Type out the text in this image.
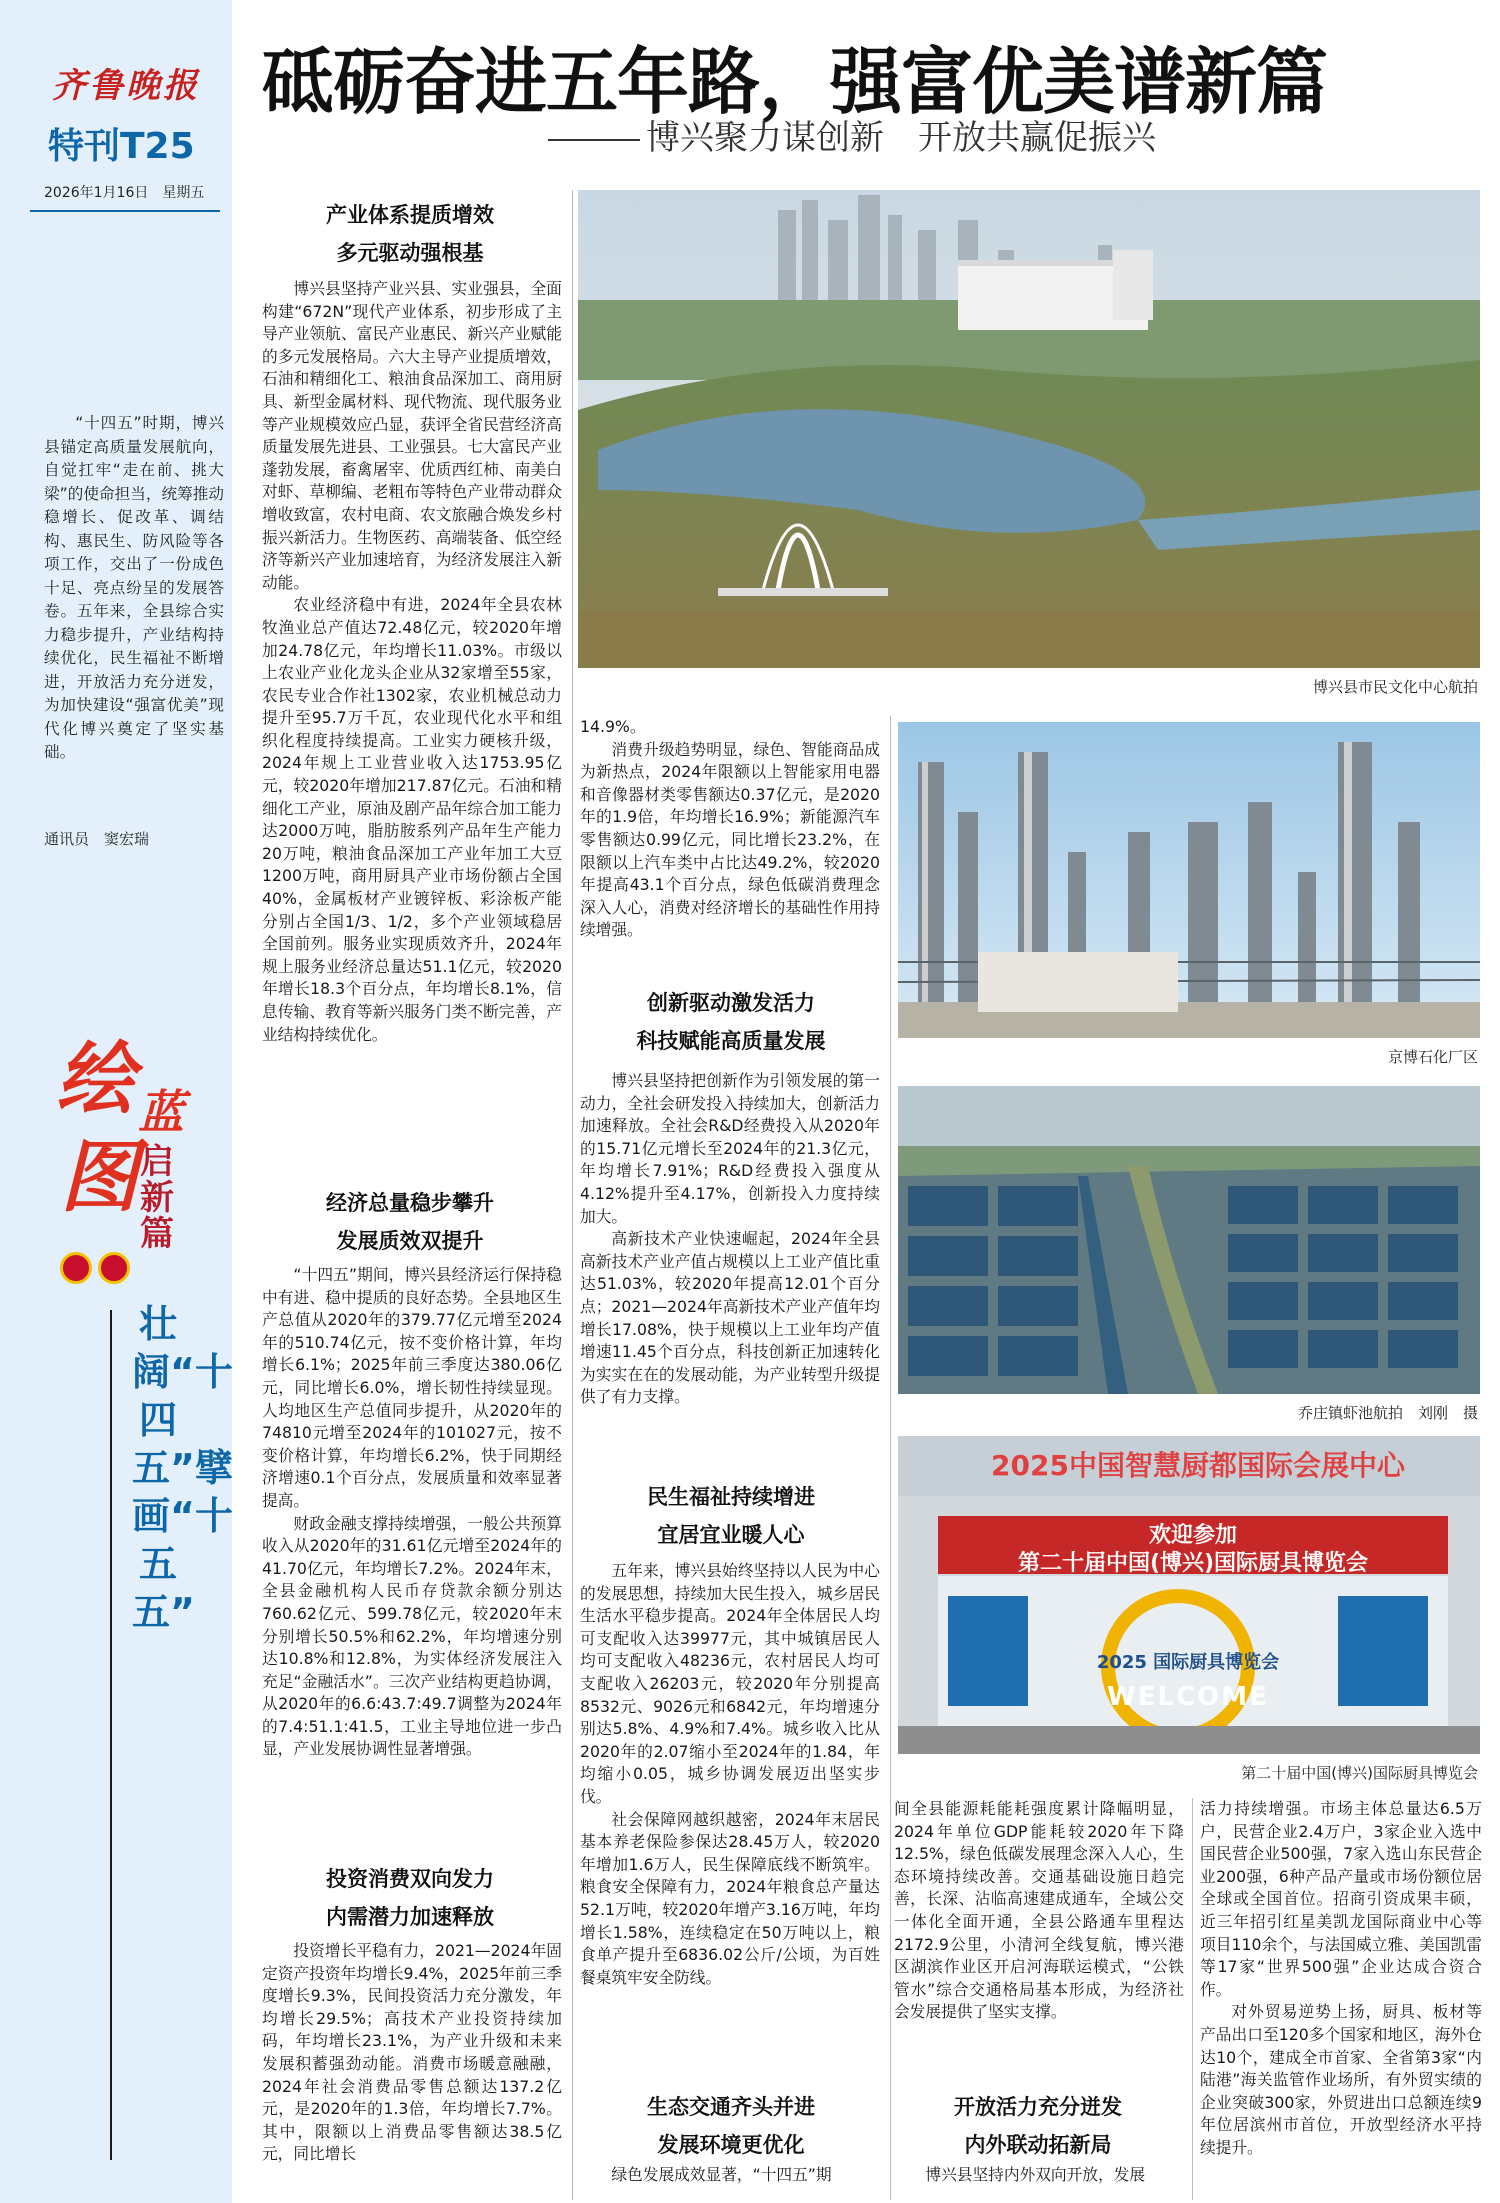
齐鲁晚报
特刊T25
2026年1月16日　 星期五

“十四五”时期，博兴县锚定高质量发展航向，自觉扛牢“走在前、挑大梁”的使命担当，统筹推动稳增长、促改革、调结构、惠民生、防风险等各项工作，交出了一份成色十足、亮点纷呈的发展答卷。五年来，全县综合实力稳步提升，产业结构持续优化，民生福祉不断增进，开放活力充分迸发，为加快建设“强富优美”现代化博兴奠定了坚实基础。

通讯员　窦宏瑞
绘 蓝
图 启新篇
壮阔“十四五”擘画“十五五”
砥砺奋进五年路，强富优美谱新篇
博兴聚力谋创新　开放共赢促振兴
产业体系提质增效
多元驱动强根基

博兴县坚持产业兴县、实业强县，全面构建“672N”现代产业体系，初步形成了主导产业领航、富民产业惠民、新兴产业赋能的多元发展格局。六大主导产业提质增效，石油和精细化工、粮油食品深加工、商用厨具、新型金属材料、现代物流、现代服务业等产业规模效应凸显，获评全省民营经济高质量发展先进县、工业强县。七大富民产业蓬勃发展，畜禽屠宰、优质西红柿、南美白对虾、草柳编、老粗布等特色产业带动群众增收致富，农村电商、农文旅融合焕发乡村振兴新活力。生物医药、高端装备、低空经济等新兴产业加速培育，为经济发展注入新动能。

农业经济稳中有进，2024年全县农林牧渔业总产值达72.48亿元，较2020年增加24.78亿元，年均增长11.03%。市级以上农业产业化龙头企业从32家增至55家，农民专业合作社1302家，农业机械总动力提升至95.7万千瓦，农业现代化水平和组织化程度持续提高。工业实力硬核升级，2024年规上工业营业收入达1753.95亿元，较2020年增加217.87亿元。石油和精细化工产业，原油及剧产品年综合加工能力达2000万吨，脂肪胺系列产品年生产能力20万吨，粮油食品深加工产业年加工大豆1200万吨，商用厨具产业市场份额占全国40%，金属板材产业镀锌板、彩涂板产能分别占全国1/3、1/2，多个产业领域稳居全国前列。服务业实现质效齐升，2024年规上服务业经济总量达51.1亿元，较2020年增长18.3个百分点，年均增长8.1%，信息传输、教育等新兴服务门类不断完善，产业结构持续优化。

经济总量稳步攀升
发展质效双提升

“十四五”期间，博兴县经济运行保持稳中有进、稳中提质的良好态势。全县地区生产总值从2020年的379.77亿元增至2024年的510.74亿元，按不变价格计算，年均增长6.1%；2025年前三季度达380.06亿元，同比增长6.0%，增长韧性持续显现。人均地区生产总值同步提升，从2020年的74810元增至2024年的101027元，按不变价格计算，年均增长6.2%，快于同期经济增速0.1个百分点，发展质量和效率显著提高。

财政金融支撑持续增强，一般公共预算收入从2020年的31.61亿元增至2024年的41.70亿元，年均增长7.2%。2024年末，全县金融机构人民币存贷款余额分别达760.62亿元、599.78亿元，较2020年末分别增长50.5%和62.2%，年均增速分别达10.8%和12.8%，为实体经济发展注入充足“金融活水”。三次产业结构更趋协调，从2020年的6.6:43.7:49.7调整为2024年的7.4:51.1:41.5，工业主导地位进一步凸显，产业发展协调性显著增强。

投资消费双向发力
内需潜力加速释放

投资增长平稳有力，2021—2024年固定资产投资年均增长9.4%，2025年前三季度增长9.3%，民间投资活力充分激发，年均增长29.5%；高技术产业投资持续加码，年均增长23.1%，为产业升级和未来发展积蓄强劲动能。消费市场暖意融融，2024年社会消费品零售总额达137.2亿元，是2020年的1.3倍，年均增长7.7%。其中，限额以上消费品零售额达38.5亿元，同比增长

博兴县市民文化中心航拍

14.9%。

消费升级趋势明显，绿色、智能商品成为新热点，2024年限额以上智能家用电器和音像器材类零售额达0.37亿元，是2020年的1.9倍，年均增长16.9%；新能源汽车零售额达0.99亿元，同比增长23.2%，在限额以上汽车类中占比达49.2%，较2020年提高43.1个百分点，绿色低碳消费理念深入人心，消费对经济增长的基础性作用持续增强。

创新驱动激发活力
科技赋能高质量发展

博兴县坚持把创新作为引领发展的第一动力，全社会研发投入持续加大，创新活力加速释放。全社会R&D经费投入从2020年的15.71亿元增长至2024年的21.3亿元，年均增长7.91%；R&D经费投入强度从4.12%提升至4.17%，创新投入力度持续加大。

高新技术产业快速崛起，2024年全县高新技术产业产值占规模以上工业产值比重达51.03%，较2020年提高12.01个百分点；2021—2024年高新技术产业产值年均增长17.08%，快于规模以上工业年均产值增速11.45个百分点，科技创新正加速转化为实实在在的发展动能，为产业转型升级提供了有力支撑。

民生福祉持续增进
宜居宜业暖人心

五年来，博兴县始终坚持以人民为中心的发展思想，持续加大民生投入，城乡居民生活水平稳步提高。2024年全体居民人均可支配收入达39977元，其中城镇居民人均可支配收入48236元，农村居民人均可支配收入26203元，较2020年分别提高8532元、9026元和6842元，年均增速分别达5.8%、4.9%和7.4%。城乡收入比从2020年的2.07缩小至2024年的1.84，年均缩小0.05，城乡协调发展迈出坚实步伐。

社会保障网越织越密，2024年末居民基本养老保险参保达28.45万人，较2020年增加1.6万人，民生保障底线不断筑牢。粮食安全保障有力，2024年粮食总产量达52.1万吨，较2020年增产3.16万吨，年均增长1.58%，连续稳定在50万吨以上，粮食单产提升至6836.02公斤/公顷，为百姓餐桌筑牢安全防线。

生态交通齐头并进
发展环境更优化

绿色发展成效显著，“十四五”期

京博石化厂区
乔庄镇虾池航拍　刘刚　摄
2025中国智慧厨都国际会展中心
欢迎参加
第二十届中国(博兴)国际厨具博览会
2025 国际厨具博览会
WELCOME
第二十届中国(博兴)国际厨具博览会

间全县能源耗能耗强度累计降幅明显，2024年单位GDP能耗较2020年下降12.5%，绿色低碳发展理念深入人心，生态环境持续改善。交通基础设施日趋完善，长深、沾临高速建成通车，全域公交一体化全面开通，全县公路通车里程达2172.9公里，小清河全线复航，博兴港区湖滨作业区开启河海联运模式，“公铁管水”综合交通格局基本形成，为经济社会发展提供了坚实支撑。

开放活力充分迸发
内外联动拓新局

博兴县坚持内外双向开放，发展

活力持续增强。市场主体总量达6.5万户，民营企业2.4万户，3家企业入选中国民营企业500强，7家入选山东民营企业200强，6种产品产量或市场份额位居全球或全国首位。招商引资成果丰硕，近三年招引红星美凯龙国际商业中心等项目110余个，与法国威立雅、美国凯雷等17家“世界500强”企业达成合资合作。

对外贸易逆势上扬，厨具、板材等产品出口至120多个国家和地区，海外仓达10个，建成全市首家、全省第3家“内陆港”海关监管作业场所，有外贸实绩的企业突破300家，外贸进出口总额连续9年位居滨州市首位，开放型经济水平持续提升。
